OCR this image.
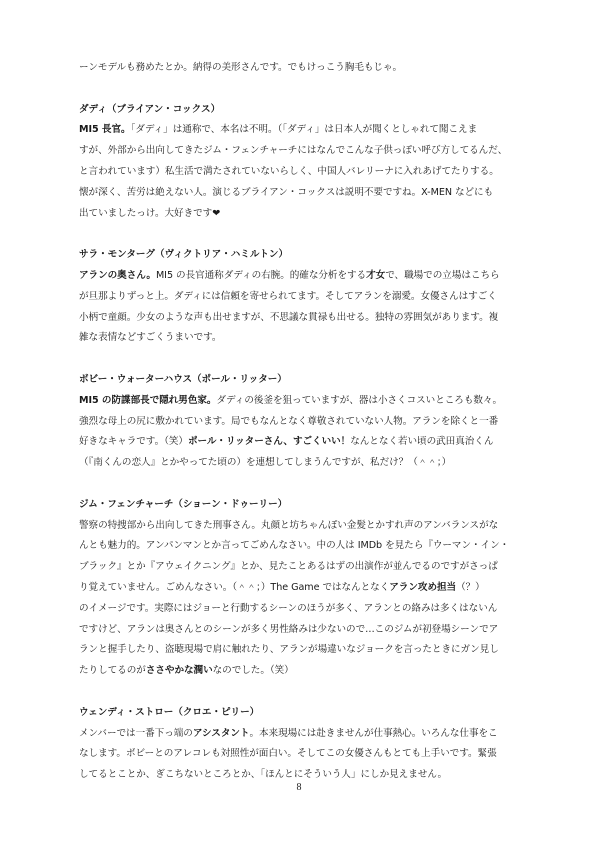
ーンモデルも務めたとか。納得の美形さんです。でもけっこう胸毛もじゃ。
ダディ（ブライアン・コックス）
MI5 長官。「ダディ」は通称で、本名は不明。（「ダディ」は日本人が聞くとしゃれて聞こえま
すが、外部から出向してきたジム・フェンチャーチにはなんでこんな子供っぽい呼び方してるんだ、
と言われています）私生活で満たされていないらしく、中国人バレリーナに入れあげてたりする。
懐が深く、苦労は絶えない人。演じるブライアン・コックスは説明不要ですね。X-MEN などにも
出ていましたっけ。大好きです❤
サラ・モンターグ（ヴィクトリア・ハミルトン）
アランの奥さん。MI5 の長官通称ダディの右腕。的確な分析をする才女で、職場での立場はこちら
が旦那よりずっと上。ダディには信頼を寄せられてます。そしてアランを溺愛。女優さんはすごく
小柄で童顔。少女のような声も出せますが、不思議な貫禄も出せる。独特の雰囲気があります。複
雑な表情などすごくうまいです。
ボビー・ウォーターハウス（ポール・リッター）
MI5 の防諜部長で隠れ男色家。ダディの後釜を狙っていますが、器は小さくコスいところも数々。
強烈な母上の尻に敷かれています。局でもなんとなく尊敬されていない人物。アランを除くと一番
好きなキャラです。（笑）ポール・リッターさん、すごくいい！なんとなく若い頃の武田真治くん
（『南くんの恋人』とかやってた頃の）を連想してしまうんですが、私だけ？（＾＾；）
ジム・フェンチャーチ（ショーン・ドゥーリー）
警察の特捜部から出向してきた刑事さん。丸顔と坊ちゃんぽい金髪とかすれ声のアンバランスがな
んとも魅力的。アンパンマンとか言ってごめんなさい。中の人は IMDb を見たら『ウーマン・イン・
ブラック』とか『アウェイクニング』とか、見たことあるはずの出演作が並んでるのですがさっぱ
り覚えていません。ごめんなさい。（＾＾；）The Game ではなんとなくアラン攻め担当（？）
のイメージです。実際にはジョーと行動するシーンのほうが多く、アランとの絡みは多くはないん
ですけど、アランは奥さんとのシーンが多く男性絡みは少ないので…このジムが初登場シーンでア
ランと握手したり、盗聴現場で肩に触れたり、アランが場違いなジョークを言ったときにガン見し
たりしてるのがささやかな潤いなのでした。（笑）
ウェンディ・ストロー（クロエ・ピリー）
メンバーでは一番下っ端のアシスタント。本来現場には赴きませんが仕事熱心。いろんな仕事をこ
なします。ボビーとのアレコレも対照性が面白い。そしてこの女優さんもとても上手いです。緊張
してるとことか、ぎこちないところとか、「ほんとにそういう人」にしか見えません。
8
